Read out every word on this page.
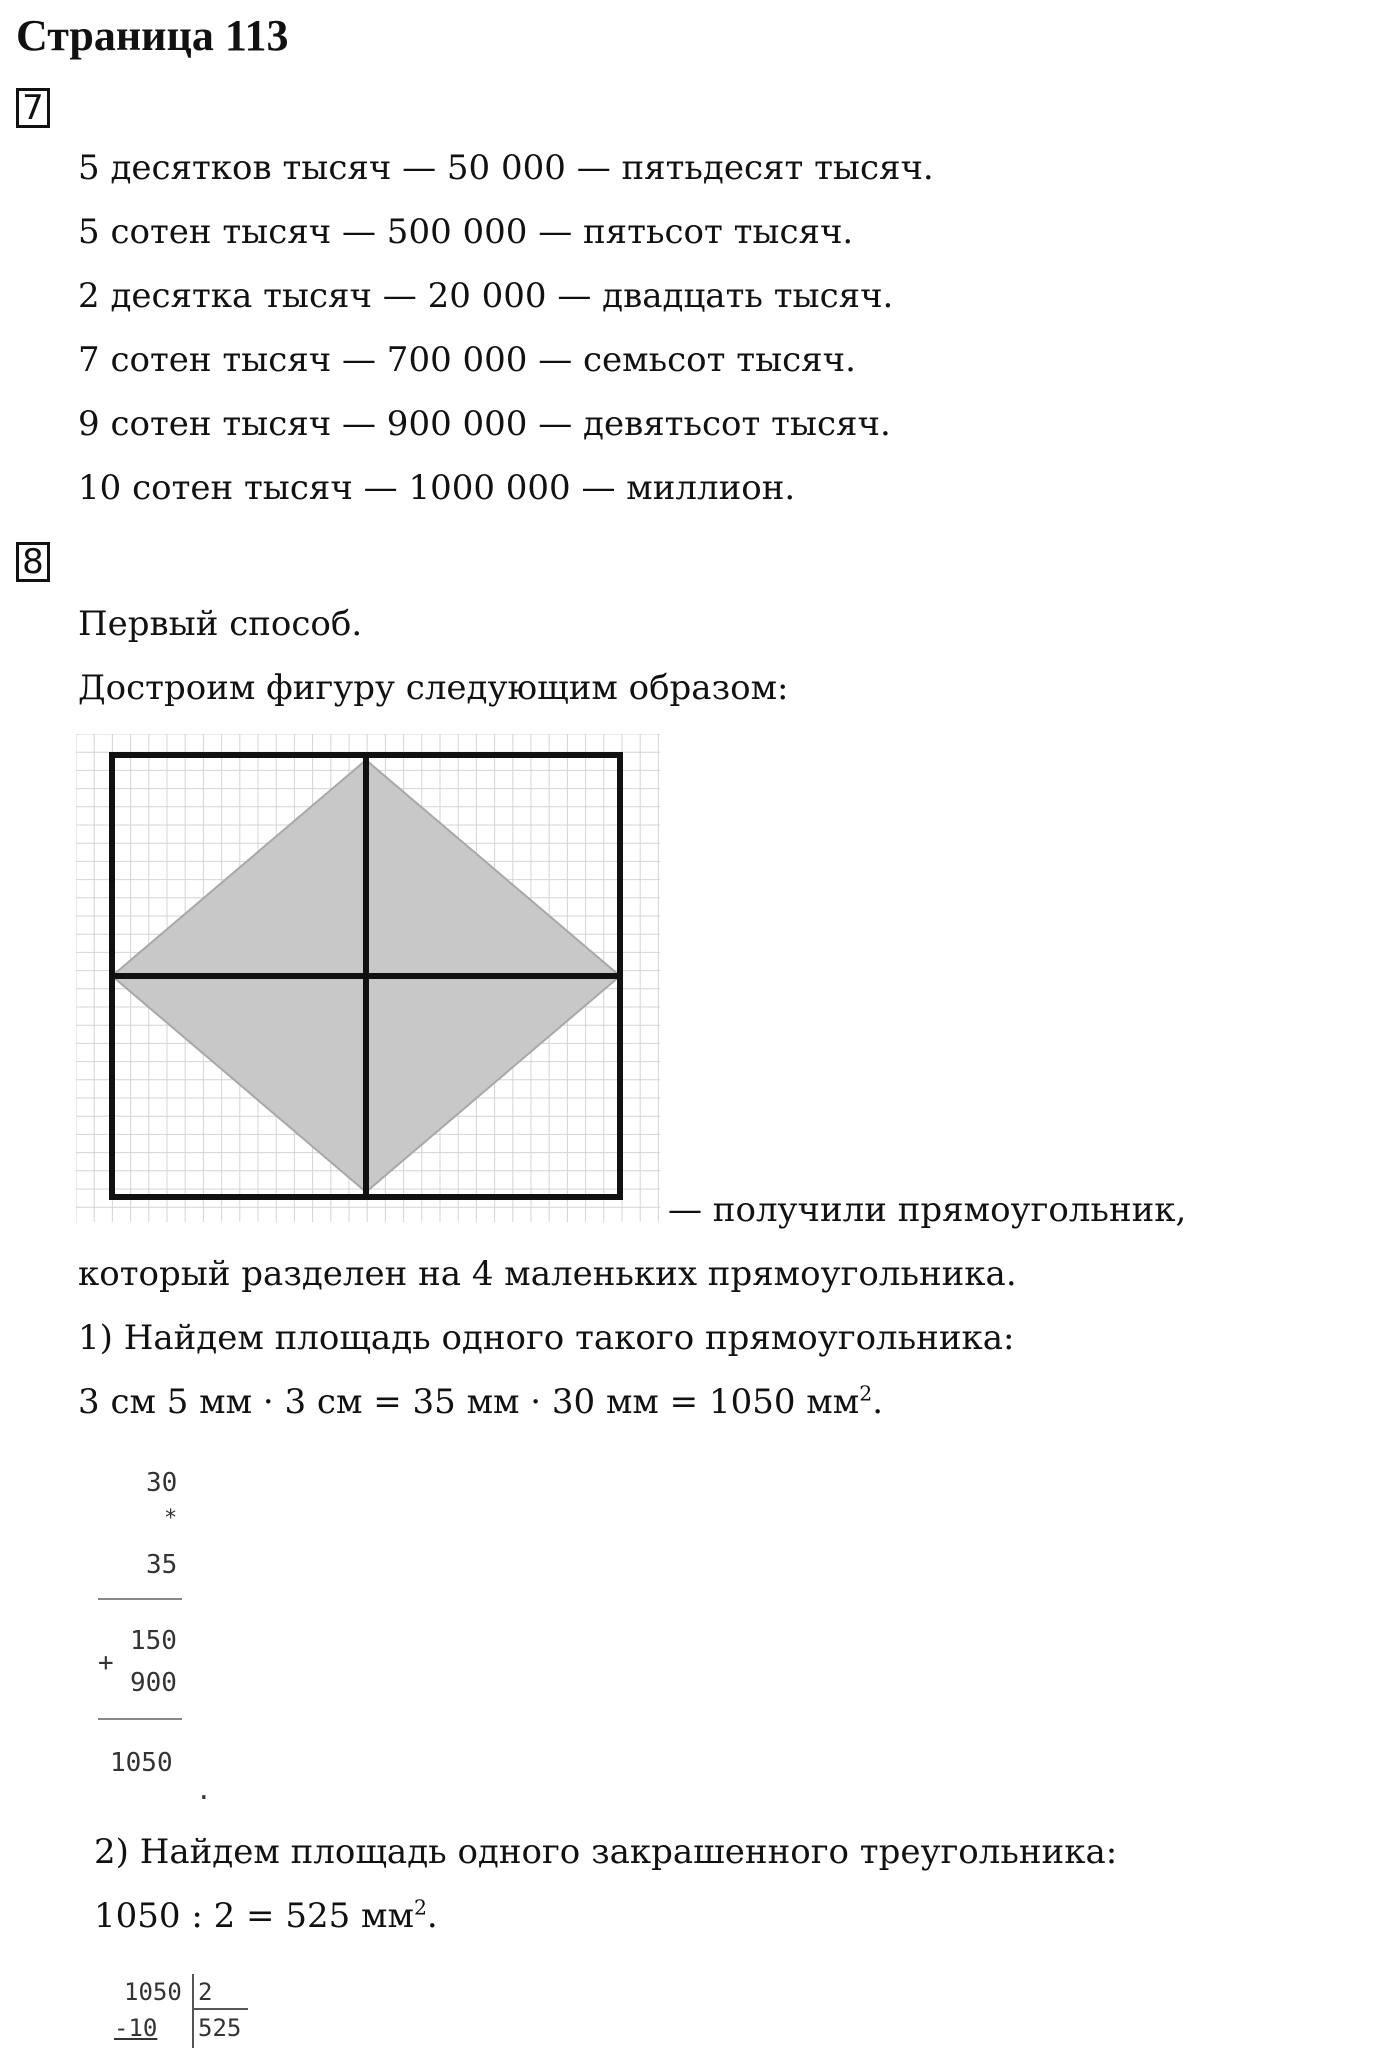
Страница 113
7
5 десятков тысяч — 50 000 — пятьдесят тысяч.
5 сотен тысяч — 500 000 — пятьсот тысяч.
2 десятка тысяч — 20 000 — двадцать тысяч.
7 сотен тысяч — 700 000 — семьсот тысяч.
9 сотен тысяч — 900 000 — девятьсот тысяч.
10 сотен тысяч — 1000 000 — миллион.
8
Первый способ.
Достроим фигуру следующим образом:
— получили прямоугольник,
который разделен на 4 маленьких прямоугольника.
1) Найдем площадь одного такого прямоугольника:
3 см 5 мм · 3 см = 35 мм · 30 мм = 1050 $мм^2$.
30
*
35
150
+
900
1050
.
2) Найдем площадь одного закрашенного треугольника:
1050 : 2 = 525 $мм^2$.
1050 2
-10 525
